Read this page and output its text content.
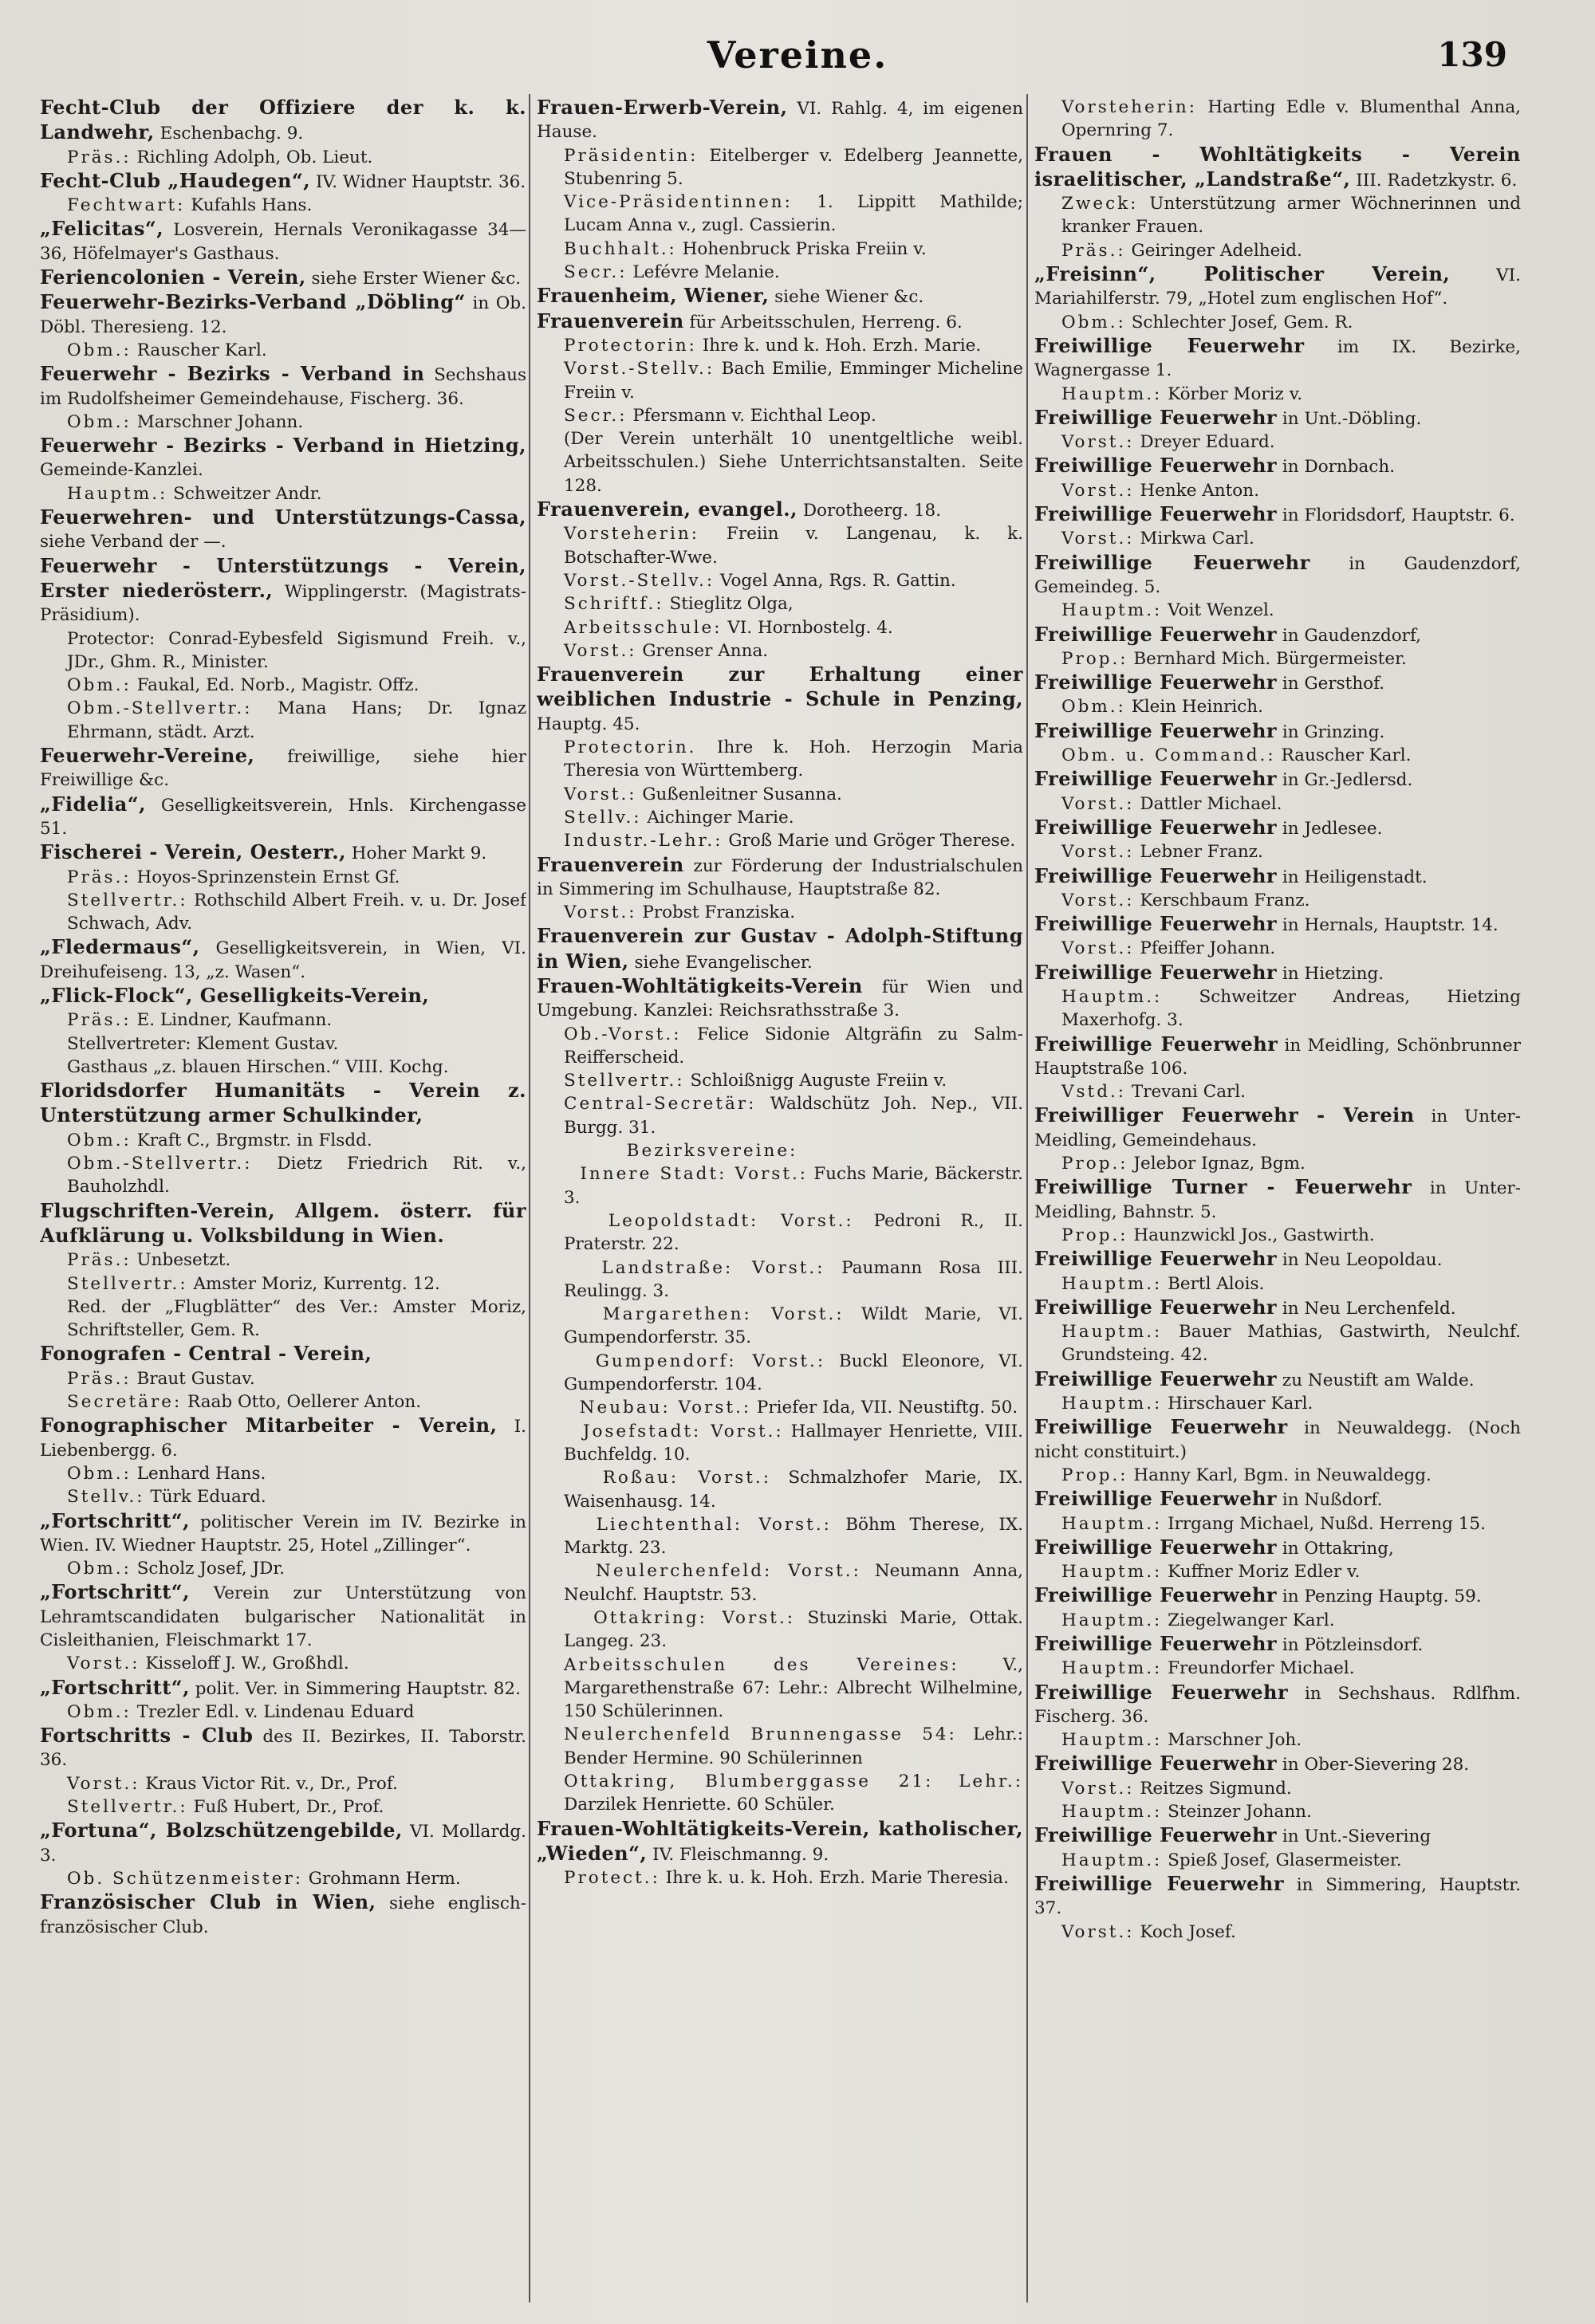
Vereine.	139

Fecht-Club der Offiziere der k. k. Landwehr, Eschenbachg. 9.

Präs.: Richling Adolph, Ob. Lieut.

Fecht-Club „Haudegen“, IV. Widner Hauptstr. 36.

Fechtwart: Kufahls Hans.

„Felicitas“, Losverein, Hernals Veronikagasse 34—36, Höfelmayer's Gasthaus.

Feriencolonien - Verein, siehe Erster Wiener &c.

Feuerwehr-Bezirks-Verband „Döbling“ in Ob. Döbl. Theresieng. 12.

Obm.: Rauscher Karl.

Feuerwehr - Bezirks - Verband in Sechshaus im Rudolfsheimer Gemeindehause, Fischerg. 36.

Obm.: Marschner Johann.

Feuerwehr - Bezirks - Verband in Hietzing, Gemeinde-Kanzlei.

Hauptm.: Schweitzer Andr.

Feuerwehren- und Unterstützungs-Cassa, siehe Verband der —.

Feuerwehr - Unterstützungs - Verein, Erster niederösterr., Wipplingerstr. (Magistrats-Präsidium).

Protector: Conrad-Eybesfeld Sigismund Freih. v., JDr., Ghm. R., Minister.

Obm.: Faukal, Ed. Norb., Magistr. Offz.

Obm.-Stellvertr.: Mana Hans; Dr. Ignaz Ehrmann, städt. Arzt.

Feuerwehr-Vereine, freiwillige, siehe hier Freiwillige &c.

„Fidelia“, Geselligkeitsverein, Hnls. Kirchengasse 51.

Fischerei - Verein, Oesterr., Hoher Markt 9.

Präs.: Hoyos-Sprinzenstein Ernst Gf.

Stellvertr.: Rothschild Albert Freih. v. u. Dr. Josef Schwach, Adv.

„Fledermaus“, Geselligkeitsverein, in Wien, VI. Dreihufeiseng. 13, „z. Wasen“.

„Flick-Flock“, Geselligkeits-Verein,

Präs.: E. Lindner, Kaufmann.

Stellvertreter: Klement Gustav.

Gasthaus „z. blauen Hirschen.“ VIII. Kochg.

Floridsdorfer Humanitäts - Verein z. Unterstützung armer Schulkinder,

Obm.: Kraft C., Brgmstr. in Flsdd.

Obm.-Stellvertr.: Dietz Friedrich Rit. v., Bauholzhdl.

Flugschriften-Verein, Allgem. österr. für Aufklärung u. Volksbildung in Wien.

Präs.: Unbesetzt.

Stellvertr.: Amster Moriz, Kurrentg. 12.

Red. der „Flugblätter“ des Ver.: Amster Moriz, Schriftsteller, Gem. R.

Fonografen - Central - Verein,

Präs.: Braut Gustav.

Secretäre: Raab Otto, Oellerer Anton.

Fonographischer Mitarbeiter - Verein, I. Liebenbergg. 6.

Obm.: Lenhard Hans.

Stellv.: Türk Eduard.

„Fortschritt“, politischer Verein im IV. Bezirke in Wien. IV. Wiedner Hauptstr. 25, Hotel „Zillinger“.

Obm.: Scholz Josef, JDr.

„Fortschritt“, Verein zur Unterstützung von Lehramtscandidaten bulgarischer Nationalität in Cisleithanien, Fleischmarkt 17.

Vorst.: Kisseloff J. W., Großhdl.

„Fortschritt“, polit. Ver. in Simmering Hauptstr. 82.

Obm.: Trezler Edl. v. Lindenau Eduard

Fortschritts - Club des II. Bezirkes, II. Taborstr. 36.

Vorst.: Kraus Victor Rit. v., Dr., Prof.

Stellvertr.: Fuß Hubert, Dr., Prof.

„Fortuna“, Bolzschützengebilde, VI. Mollardg. 3.

Ob. Schützenmeister: Grohmann Herm.

Französischer Club in Wien, siehe englisch-französischer Club.

Frauen-Erwerb-Verein, VI. Rahlg. 4, im eigenen Hause.

Präsidentin: Eitelberger v. Edelberg Jeannette, Stubenring 5.

Vice-Präsidentinnen: 1. Lippitt Mathilde; Lucam Anna v., zugl. Cassierin.

Buchhalt.: Hohenbruck Priska Freiin v.

Secr.: Lefévre Melanie.

Frauenheim, Wiener, siehe Wiener &c.

Frauenverein für Arbeitsschulen, Herreng. 6.

Protectorin: Ihre k. und k. Hoh. Erzh. Marie.

Vorst.-Stellv.: Bach Emilie, Emminger Micheline Freiin v.

Secr.: Pfersmann v. Eichthal Leop.

(Der Verein unterhält 10 unentgeltliche weibl. Arbeitsschulen.) Siehe Unterrichtsanstalten. Seite 128.

Frauenverein, evangel., Dorotheerg. 18.

Vorsteherin: Freiin v. Langenau, k. k. Botschafter-Wwe.

Vorst.-Stellv.: Vogel Anna, Rgs. R. Gattin.

Schriftf.: Stieglitz Olga,

Arbeitsschule: VI. Hornbostelg. 4.

Vorst.: Grenser Anna.

Frauenverein zur Erhaltung einer weiblichen Industrie - Schule in Penzing, Hauptg. 45.

Protectorin. Ihre k. Hoh. Herzogin Maria Theresia von Württemberg.

Vorst.: Gußenleitner Susanna.

Stellv.: Aichinger Marie.

Industr.-Lehr.: Groß Marie und Gröger Therese.

Frauenverein zur Förderung der Industrialschulen in Simmering im Schulhause, Hauptstraße 82.

Vorst.: Probst Franziska.

Frauenverein zur Gustav - Adolph-Stiftung in Wien, siehe Evangelischer.

Frauen-Wohltätigkeits-Verein für Wien und Umgebung. Kanzlei: Reichsrathsstraße 3.

Ob.-Vorst.: Felice Sidonie Altgräfin zu Salm-Reifferscheid.

Stellvertr.: Schloißnigg Auguste Freiin v.

Central-Secretär: Waldschütz Joh. Nep., VII. Burgg. 31.

Bezirksvereine:

Innere Stadt: Vorst.: Fuchs Marie, Bäckerstr. 3.

Leopoldstadt: Vorst.: Pedroni R., II. Praterstr. 22.

Landstraße: Vorst.: Paumann Rosa III. Reulingg. 3.

Margarethen: Vorst.: Wildt Marie, VI. Gumpendorferstr. 35.

Gumpendorf: Vorst.: Buckl Eleonore, VI. Gumpendorferstr. 104.

Neubau: Vorst.: Priefer Ida, VII. Neustiftg. 50.

Josefstadt: Vorst.: Hallmayer Henriette, VIII. Buchfeldg. 10.

Roßau: Vorst.: Schmalzhofer Marie, IX. Waisenhausg. 14.

Liechtenthal: Vorst.: Böhm Therese, IX. Marktg. 23.

Neulerchenfeld: Vorst.: Neumann Anna, Neulchf. Hauptstr. 53.

Ottakring: Vorst.: Stuzinski Marie, Ottak. Langeg. 23.

Arbeitsschulen des Vereines: V., Margarethenstraße 67: Lehr.: Albrecht Wilhelmine, 150 Schülerinnen.

Neulerchenfeld Brunnengasse 54: Lehr.: Bender Hermine. 90 Schülerinnen

Ottakring, Blumberggasse 21: Lehr.: Darzilek Henriette. 60 Schüler.

Frauen-Wohltätigkeits-Verein, katholischer, „Wieden“, IV. Fleischmanng. 9.

Protect.: Ihre k. u. k. Hoh. Erzh. Marie Theresia.

Vorsteherin: Harting Edle v. Blumenthal Anna, Opernring 7.

Frauen - Wohltätigkeits - Verein israelitischer, „Landstraße“, III. Radetzkystr. 6.

Zweck: Unterstützung armer Wöchnerinnen und kranker Frauen.

Präs.: Geiringer Adelheid.

„Freisinn“, Politischer Verein, VI. Mariahilferstr. 79, „Hotel zum englischen Hof“.

Obm.: Schlechter Josef, Gem. R.

Freiwillige Feuerwehr im IX. Bezirke, Wagnergasse 1.

Hauptm.: Körber Moriz v.

Freiwillige Feuerwehr in Unt.-Döbling.

Vorst.: Dreyer Eduard.

Freiwillige Feuerwehr in Dornbach.

Vorst.: Henke Anton.

Freiwillige Feuerwehr in Floridsdorf, Hauptstr. 6.

Vorst.: Mirkwa Carl.

Freiwillige Feuerwehr in Gaudenzdorf, Gemeindeg. 5.

Hauptm.: Voit Wenzel.

Freiwillige Feuerwehr in Gaudenzdorf,

Prop.: Bernhard Mich. Bürgermeister.

Freiwillige Feuerwehr in Gersthof.

Obm.: Klein Heinrich.

Freiwillige Feuerwehr in Grinzing.

Obm. u. Command.: Rauscher Karl.

Freiwillige Feuerwehr in Gr.-Jedlersd.

Vorst.: Dattler Michael.

Freiwillige Feuerwehr in Jedlesee.

Vorst.: Lebner Franz.

Freiwillige Feuerwehr in Heiligenstadt.

Vorst.: Kerschbaum Franz.

Freiwillige Feuerwehr in Hernals, Hauptstr. 14.

Vorst.: Pfeiffer Johann.

Freiwillige Feuerwehr in Hietzing.

Hauptm.: Schweitzer Andreas, Hietzing Maxerhofg. 3.

Freiwillige Feuerwehr in Meidling, Schönbrunner Hauptstraße 106.

Vstd.: Trevani Carl.

Freiwilliger Feuerwehr - Verein in Unter-Meidling, Gemeindehaus.

Prop.: Jelebor Ignaz, Bgm.

Freiwillige Turner - Feuerwehr in Unter-Meidling, Bahnstr. 5.

Prop.: Haunzwickl Jos., Gastwirth.

Freiwillige Feuerwehr in Neu Leopoldau.

Hauptm.: Bertl Alois.

Freiwillige Feuerwehr in Neu Lerchenfeld.

Hauptm.: Bauer Mathias, Gastwirth, Neulchf. Grundsteing. 42.

Freiwillige Feuerwehr zu Neustift am Walde.

Hauptm.: Hirschauer Karl.

Freiwillige Feuerwehr in Neuwaldegg. (Noch nicht constituirt.)

Prop.: Hanny Karl, Bgm. in Neuwaldegg.

Freiwillige Feuerwehr in Nußdorf.

Hauptm.: Irrgang Michael, Nußd. Herreng 15.

Freiwillige Feuerwehr in Ottakring,

Hauptm.: Kuffner Moriz Edler v.

Freiwillige Feuerwehr in Penzing Hauptg. 59.

Hauptm.: Ziegelwanger Karl.

Freiwillige Feuerwehr in Pötzleinsdorf.

Hauptm.: Freundorfer Michael.

Freiwillige Feuerwehr in Sechshaus. Rdlfhm. Fischerg. 36.

Hauptm.: Marschner Joh.

Freiwillige Feuerwehr in Ober-Sievering 28.

Vorst.: Reitzes Sigmund.

Hauptm.: Steinzer Johann.

Freiwillige Feuerwehr in Unt.-Sievering

Hauptm.: Spieß Josef, Glasermeister.

Freiwillige Feuerwehr in Simmering, Hauptstr. 37.

Vorst.: Koch Josef.
